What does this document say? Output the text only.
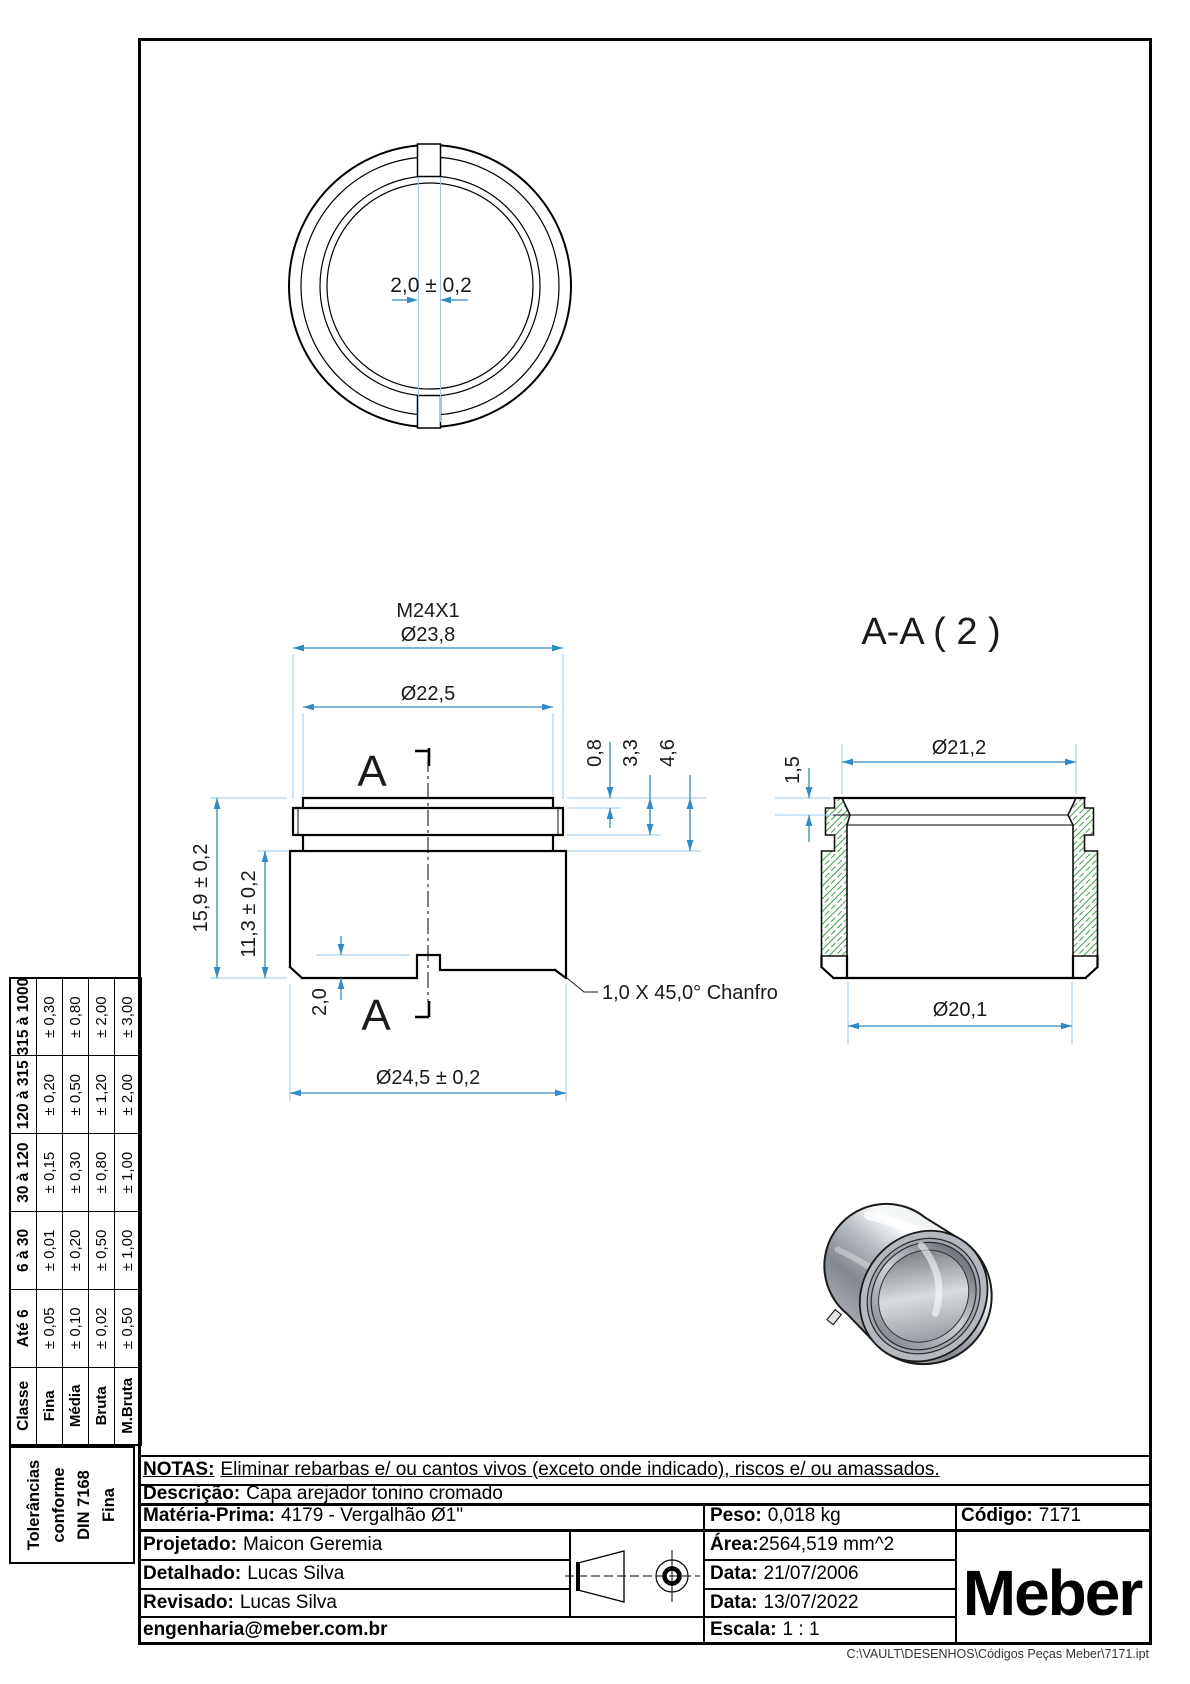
2,0 ± 0,2
A
A
M24X1
Ø23,8
Ø22,5
15,9 ± 0,2 11,3 ± 0,2
0,8 3,3 4,6
2,0
Ø24,5 ± 0,2
1,0 X 45,0° Chanfro
A-A ( 2 )
Ø21,2
1,5
Ø20,1
NOTAS: Eliminar rebarbas e/ ou cantos vivos (exceto onde indicado), riscos e/ ou amassados.
Descrição: Capa arejador tonino cromado
Matéria-Prima: 4179 - Vergalhão Ø1"	Peso: 0,018 kg	Código: 7171
Projetado: Maicon Geremia
Detalhado: Lucas Silva
Revisado: Lucas Silva
engenharia@meber.com.br
Área: 2564,519 mm^2
Data: 21/07/2006
Data: 13/07/2022
Escala: 1 : 1
Meber
C:\VAULT\DESENHOS\Códigos Peças Meber\7171.ipt
Classe	Até 6	6 à 30	30 à 120	120 à 315	315 à 1000
Fina	± 0,05	± 0,01	± 0,15	± 0,20	± 0,30
Média	± 0,10	± 0,20	± 0,30	± 0,50	± 0,80
Bruta	± 0,02	± 0,50	± 0,80	± 1,20	± 2,00
M.Bruta	± 0,50	± 1,00	± 1,00	± 2,00	± 3,00
Tolerâncias conforme DIN 7168 Fina
